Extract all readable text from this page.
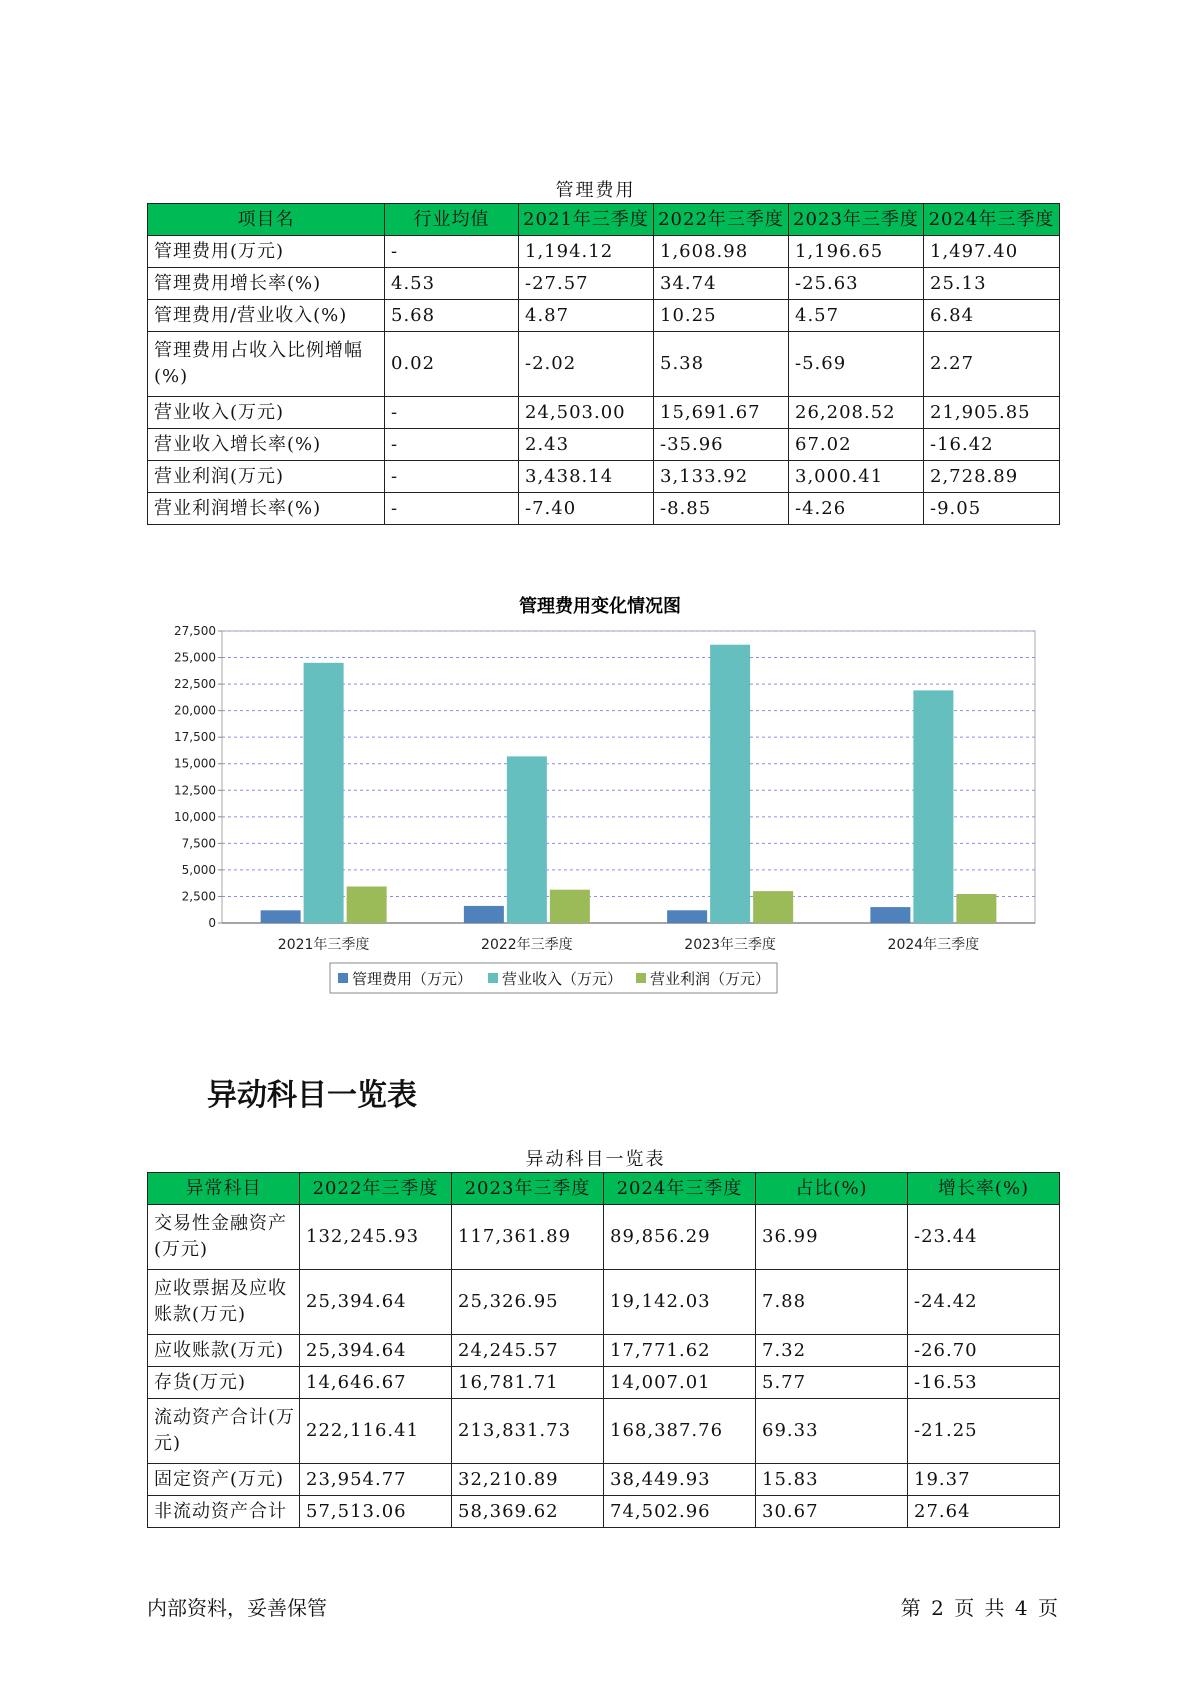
管理费用
项目名	行业均值	2021年三季度	2022年三季度	2023年三季度	2024年三季度
管理费用(万元)	-	1,194.12	1,608.98	1,196.65	1,497.40
管理费用增长率(%)	4.53	-27.57	34.74	-25.63	25.13
管理费用/营业收入(%)	5.68	4.87	10.25	4.57	6.84
管理费用占收入比例增幅(%)	0.02	-2.02	5.38	-5.69	2.27
营业收入(万元)	-	24,503.00	15,691.67	26,208.52	21,905.85
营业收入增长率(%)	-	2.43	-35.96	67.02	-16.42
营业利润(万元)	-	3,438.14	3,133.92	3,000.41	2,728.89
营业利润增长率(%)	-	-7.40	-8.85	-4.26	-9.05
管理费用变化情况图
0
2,500
5,000
7,500
10,000
12,500
15,000
17,500
20,000
22,500
25,000
27,500
2021年三季度	2022年三季度	2023年三季度	2024年三季度
管理费用（万元） 营业收入（万元） 营业利润（万元）
异动科目一览表
异动科目一览表
异常科目	2022年三季度	2023年三季度	2024年三季度	占比(%)	增长率(%)
交易性金融资产(万元)	132,245.93	117,361.89	89,856.29	36.99	-23.44
应收票据及应收账款(万元)	25,394.64	25,326.95	19,142.03	7.88	-24.42
应收账款(万元)	25,394.64	24,245.57	17,771.62	7.32	-26.70
存货(万元)	14,646.67	16,781.71	14,007.01	5.77	-16.53
流动资产合计(万元)	222,116.41	213,831.73	168,387.76	69.33	-21.25
固定资产(万元)	23,954.77	32,210.89	38,449.93	15.83	19.37
非流动资产合计	57,513.06	58,369.62	74,502.96	30.67	27.64
内部资料，妥善保管	第 2 页 共 4 页
